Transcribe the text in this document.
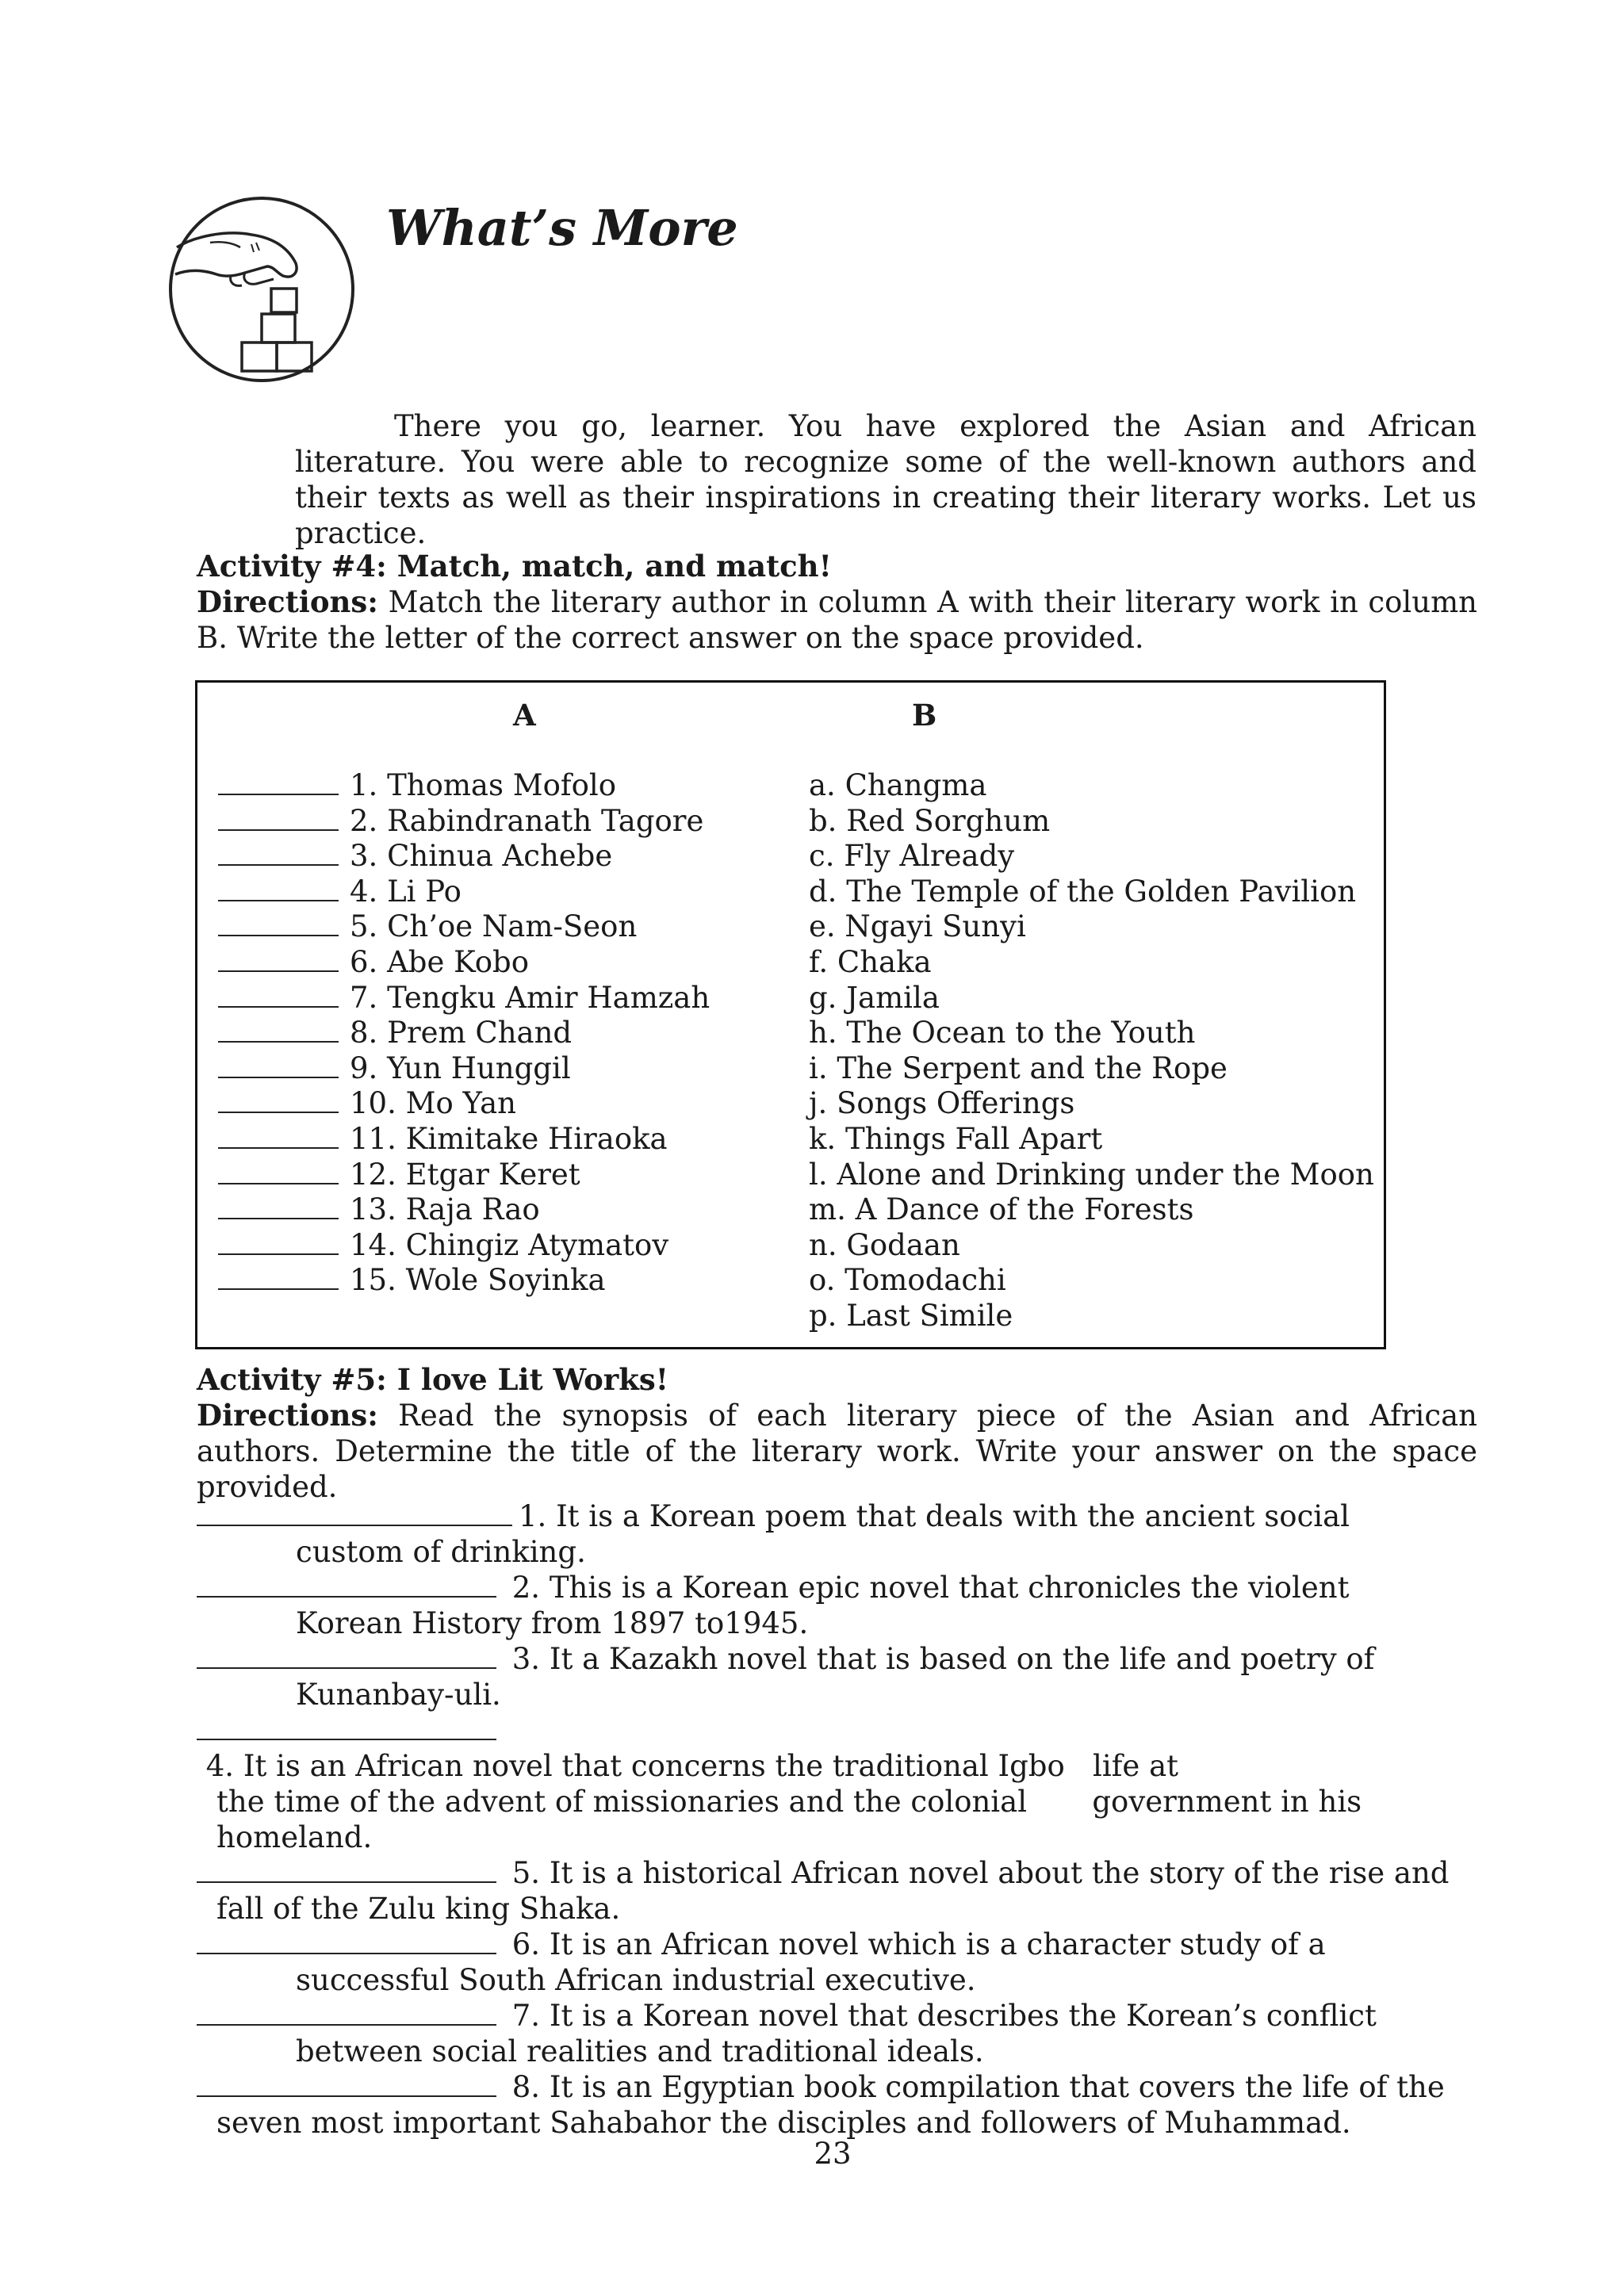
What’s More

There you go, learner. You have explored the Asian and African literature. You were able to recognize some of the well-known authors and their texts as well as their inspirations in creating their literary works. Let us practice.

Activity #4: Match, match, and match!

Directions: Match the literary author in column A with their literary work in column B. Write the letter of the correct answer on the space provided.

A	B
1. Thomas Mofolo
2. Rabindranath Tagore
3. Chinua Achebe
4. Li Po
5. Ch’oe Nam-Seon
6. Abe Kobo
7. Tengku Amir Hamzah
8. Prem Chand
9. Yun Hunggil
10. Mo Yan
11. Kimitake Hiraoka
12. Etgar Keret
13. Raja Rao
14. Chingiz Atymatov
15. Wole Soyinka
a. Changma
b. Red Sorghum
c. Fly Already
d. The Temple of the Golden Pavilion
e. Ngayi Sunyi
f. Chaka
g. Jamila
h. The Ocean to the Youth
i. The Serpent and the Rope
j. Songs Offerings
k. Things Fall Apart
l. Alone and Drinking under the Moon
m. A Dance of the Forests
n. Godaan
o. Tomodachi
p. Last Simile
Activity #5: I love Lit Works!

Directions: Read the synopsis of each literary piece of the Asian and African authors. Determine the title of the literary work. Write your answer on the space provided.

1. It is a Korean poem that deals with the ancient social
custom of drinking.
2. This is a Korean epic novel that chronicles the violent
Korean History from 1897 to1945.
3. It a Kazakh novel that is based on the life and poetry of
Kunanbay-uli.
4. It is an African novel that concerns the traditional Igbo   life at
the time of the advent of missionaries and the colonial       government in his homeland.
5. It is a historical African novel about the story of the rise and
fall of the Zulu king Shaka.
6. It is an African novel which is a character study of a
successful South African industrial executive.
7. It is a Korean novel that describes the Korean’s conflict
between social realities and traditional ideals.
8. It is an Egyptian book compilation that covers the life of the
seven most important Sahabahor the disciples and followers of Muhammad.
23
